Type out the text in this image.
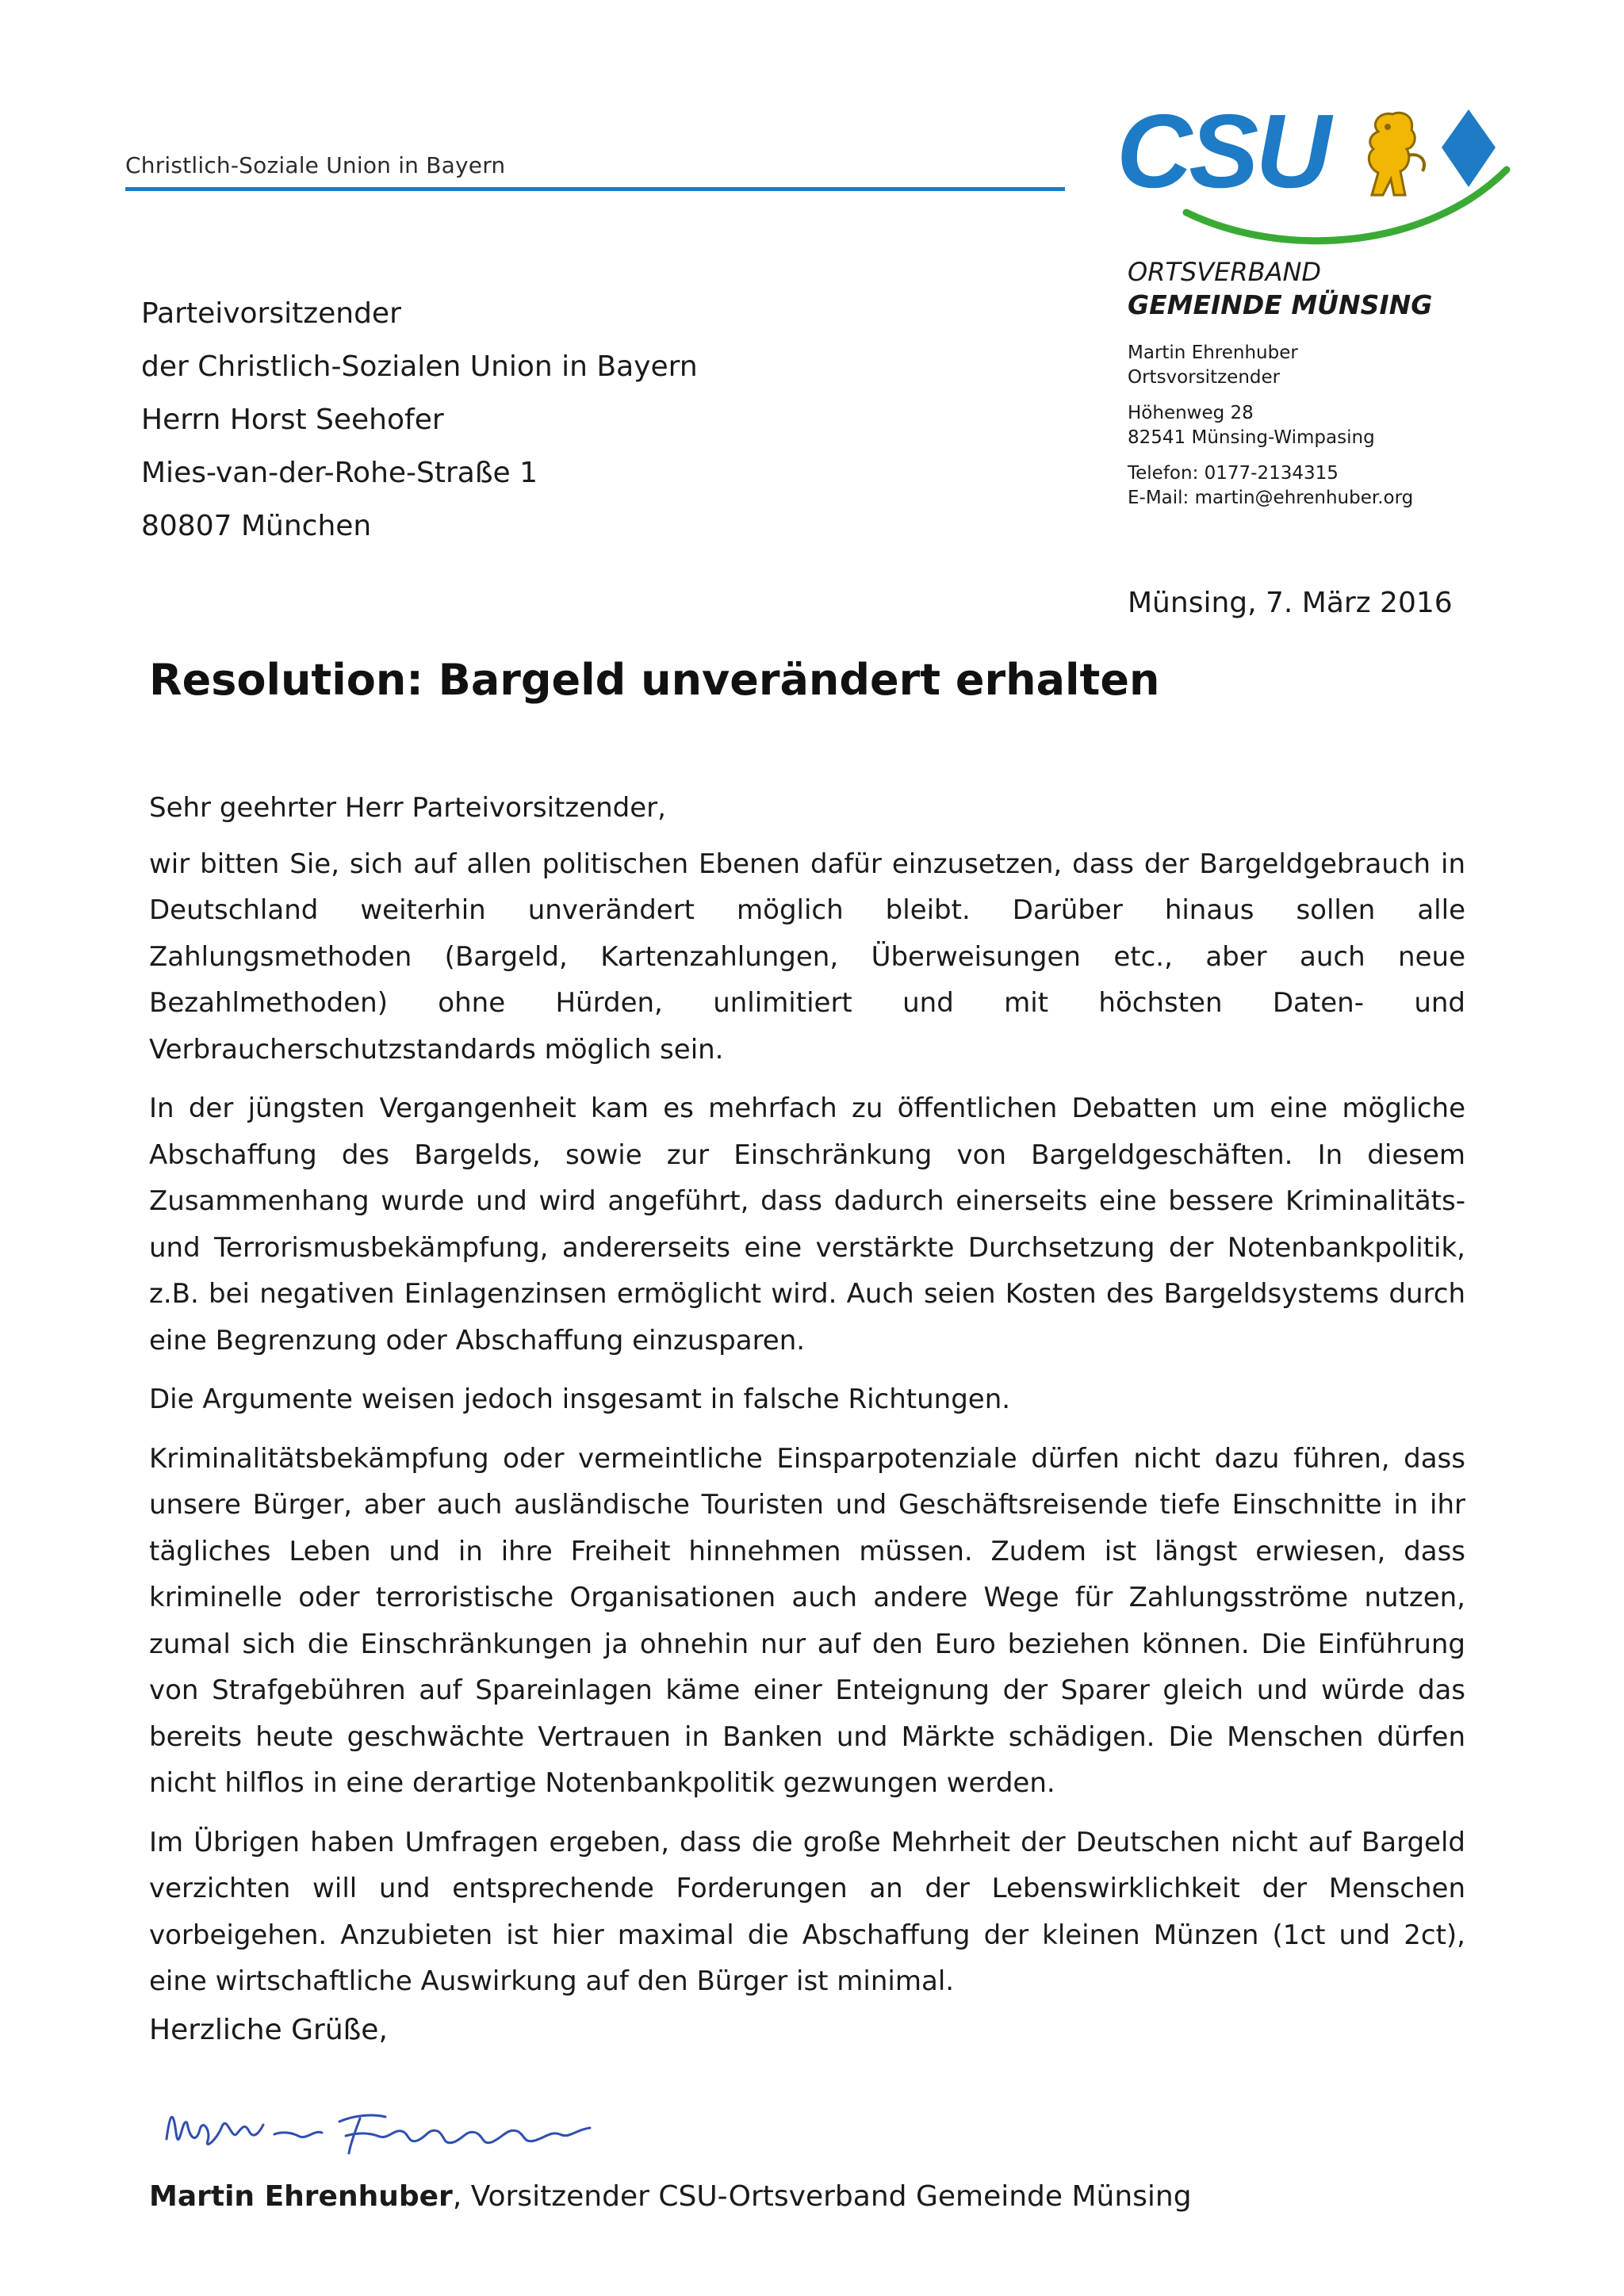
Christlich-Soziale Union in Bayern	CSU
Parteivorsitzender
der Christlich-Sozialen Union in Bayern
Herrn Horst Seehofer
Mies-van-der-Rohe-Straße 1
80807 München
ORTSVERBAND
GEMEINDE MÜNSING
Martin Ehrenhuber
Ortsvorsitzender
Höhenweg 28
82541 Münsing-Wimpasing
Telefon: 0177-2134315
E-Mail: martin@ehrenhuber.org
Münsing, 7. März 2016
Resolution: Bargeld unverändert erhalten

Sehr geehrter Herr Parteivorsitzender,

wir bitten Sie, sich auf allen politischen Ebenen dafür einzusetzen, dass der Bargeldgebrauch in Deutschland weiterhin unverändert möglich bleibt. Darüber hinaus sollen alle Zahlungsmethoden (Bargeld, Kartenzahlungen, Überweisungen etc., aber auch neue Bezahlmethoden) ohne Hürden, unlimitiert und mit höchsten Daten- und Verbraucherschutzstandards möglich sein.

In der jüngsten Vergangenheit kam es mehrfach zu öffentlichen Debatten um eine mögliche Abschaffung des Bargelds, sowie zur Einschränkung von Bargeldgeschäften. In diesem Zusammenhang wurde und wird angeführt, dass dadurch einerseits eine bessere Kriminalitäts- und Terrorismusbekämpfung, andererseits eine verstärkte Durchsetzung der Notenbankpolitik, z.B. bei negativen Einlagenzinsen ermöglicht wird. Auch seien Kosten des Bargeldsystems durch eine Begrenzung oder Abschaffung einzusparen.

Die Argumente weisen jedoch insgesamt in falsche Richtungen.

Kriminalitätsbekämpfung oder vermeintliche Einsparpotenziale dürfen nicht dazu führen, dass unsere Bürger, aber auch ausländische Touristen und Geschäftsreisende tiefe Einschnitte in ihr tägliches Leben und in ihre Freiheit hinnehmen müssen. Zudem ist längst erwiesen, dass kriminelle oder terroristische Organisationen auch andere Wege für Zahlungsströme nutzen, zumal sich die Einschränkungen ja ohnehin nur auf den Euro beziehen können. Die Einführung von Strafgebühren auf Spareinlagen käme einer Enteignung der Sparer gleich und würde das bereits heute geschwächte Vertrauen in Banken und Märkte schädigen. Die Menschen dürfen nicht hilflos in eine derartige Notenbankpolitik gezwungen werden.

Im Übrigen haben Umfragen ergeben, dass die große Mehrheit der Deutschen nicht auf Bargeld verzichten will und entsprechende Forderungen an der Lebenswirklichkeit der Menschen vorbeigehen. Anzubieten ist hier maximal die Abschaffung der kleinen Münzen (1ct und 2ct), eine wirtschaftliche Auswirkung auf den Bürger ist minimal.

Herzliche Grüße,
Martin Ehrenhuber, Vorsitzender CSU-Ortsverband Gemeinde Münsing
